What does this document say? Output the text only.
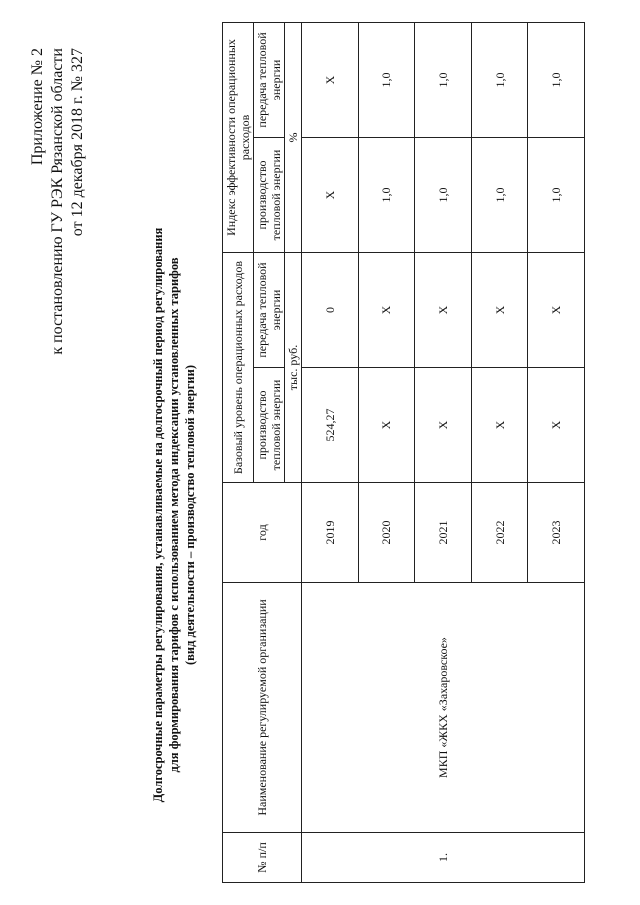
Приложение № 2 к постановлению ГУ РЭК Рязанской области от 12 декабря 2018 г. № 327
Долгосрочные параметры регулирования, устанавливаемые на долгосрочный период регулирования для формирования тарифов с использованием метода индексации установленных тарифов (вид деятельности – производство тепловой энергии)
№ п/п	Наименование регулируемой организации	год	Базовый уровень операционных расходов		Индекс эффективности операционных расходов	
			производство тепловой энергии	передача тепловой энергии	производство тепловой энергии	передача тепловой энергии
			тыс. руб.		%	
1.	МКП «ЖКХ «Захаровское»	2019	524,27	0	X	X
		2020	X	X	1,0	1,0
		2021	X	X	1,0	1,0
		2022	X	X	1,0	1,0
		2023	X	X	1,0	1,0
